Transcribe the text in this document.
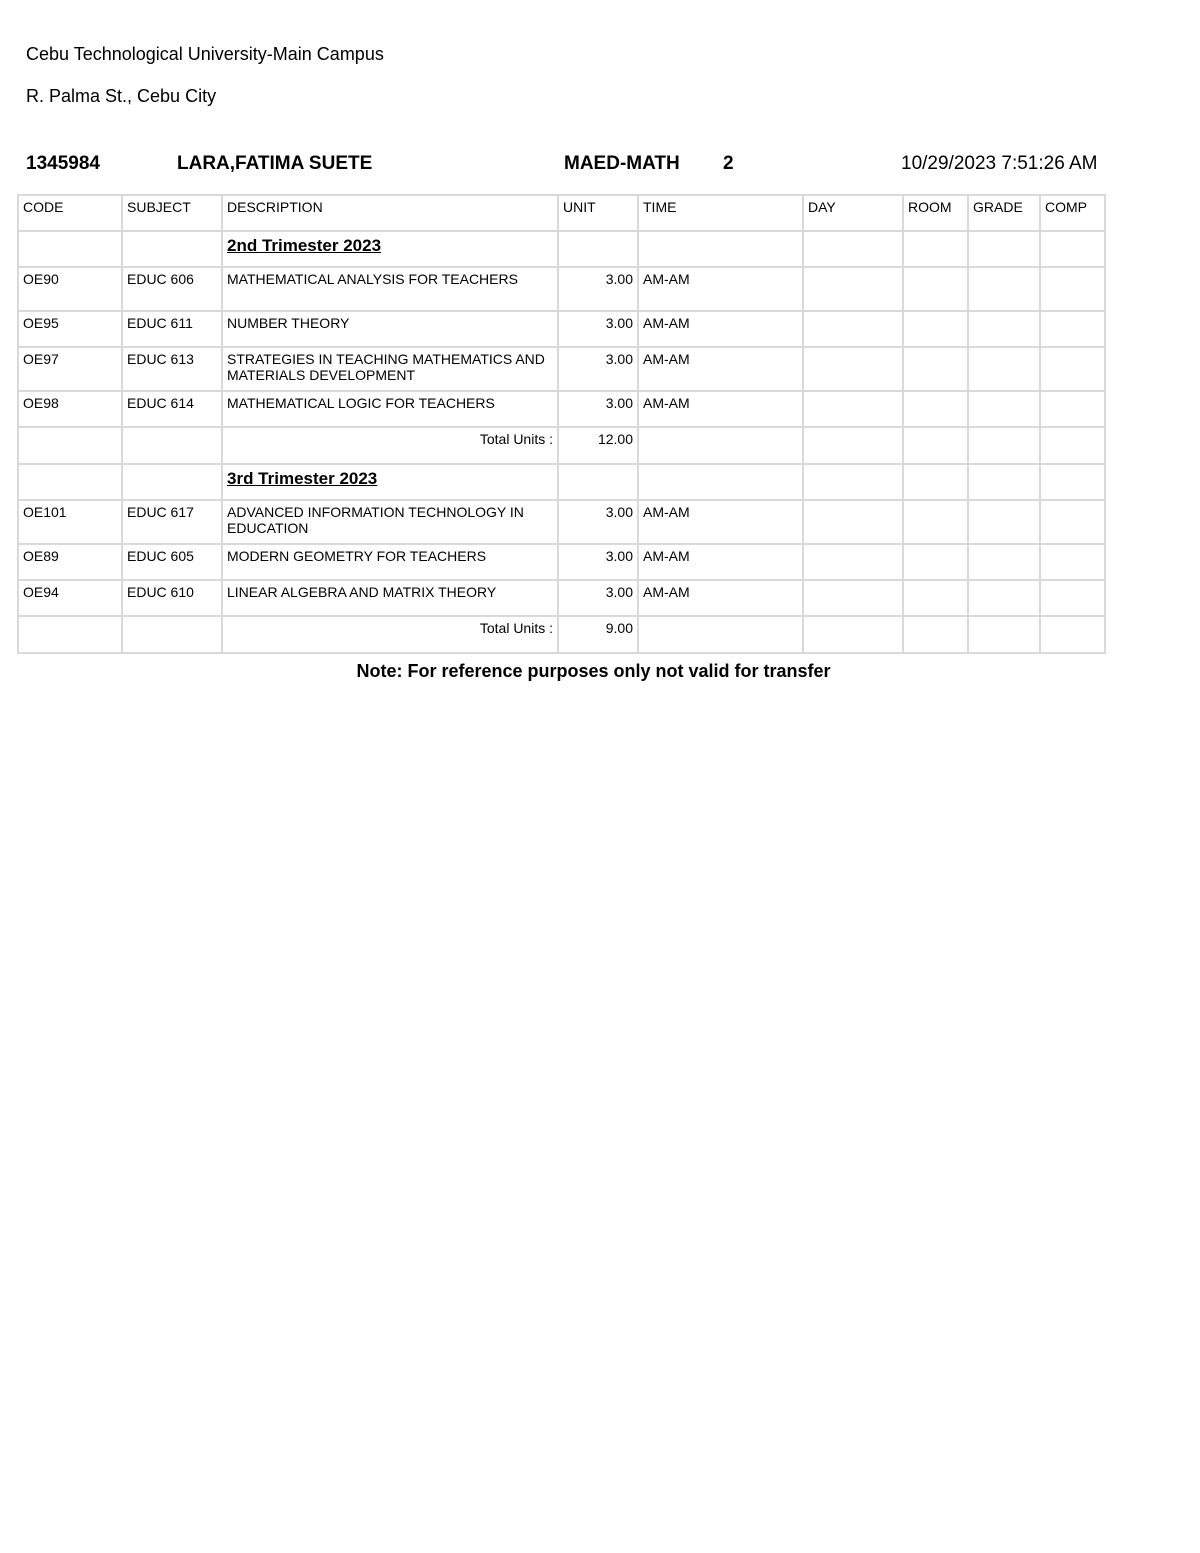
Cebu Technological University-Main Campus
R. Palma St., Cebu City
1345984	LARA,FATIMA SUETE	MAED-MATH 2	10/29/2023 7:51:26 AM
CODE	SUBJECT	DESCRIPTION	UNIT	TIME	DAY	ROOM	GRADE	COMP
		2nd Trimester 2023						
OE90	EDUC 606	MATHEMATICAL ANALYSIS FOR TEACHERS	3.00	AM-AM				
OE95	EDUC 611	NUMBER THEORY	3.00	AM-AM				
OE97	EDUC 613	STRATEGIES IN TEACHING MATHEMATICS AND MATERIALS DEVELOPMENT	3.00	AM-AM				
OE98	EDUC 614	MATHEMATICAL LOGIC FOR TEACHERS	3.00	AM-AM				
		Total Units :	12.00					
		3rd Trimester 2023						
OE101	EDUC 617	ADVANCED INFORMATION TECHNOLOGY IN EDUCATION	3.00	AM-AM				
OE89	EDUC 605	MODERN GEOMETRY FOR TEACHERS	3.00	AM-AM				
OE94	EDUC 610	LINEAR ALGEBRA AND MATRIX THEORY	3.00	AM-AM				
		Total Units :	9.00					
Note: For reference purposes only not valid for transfer
